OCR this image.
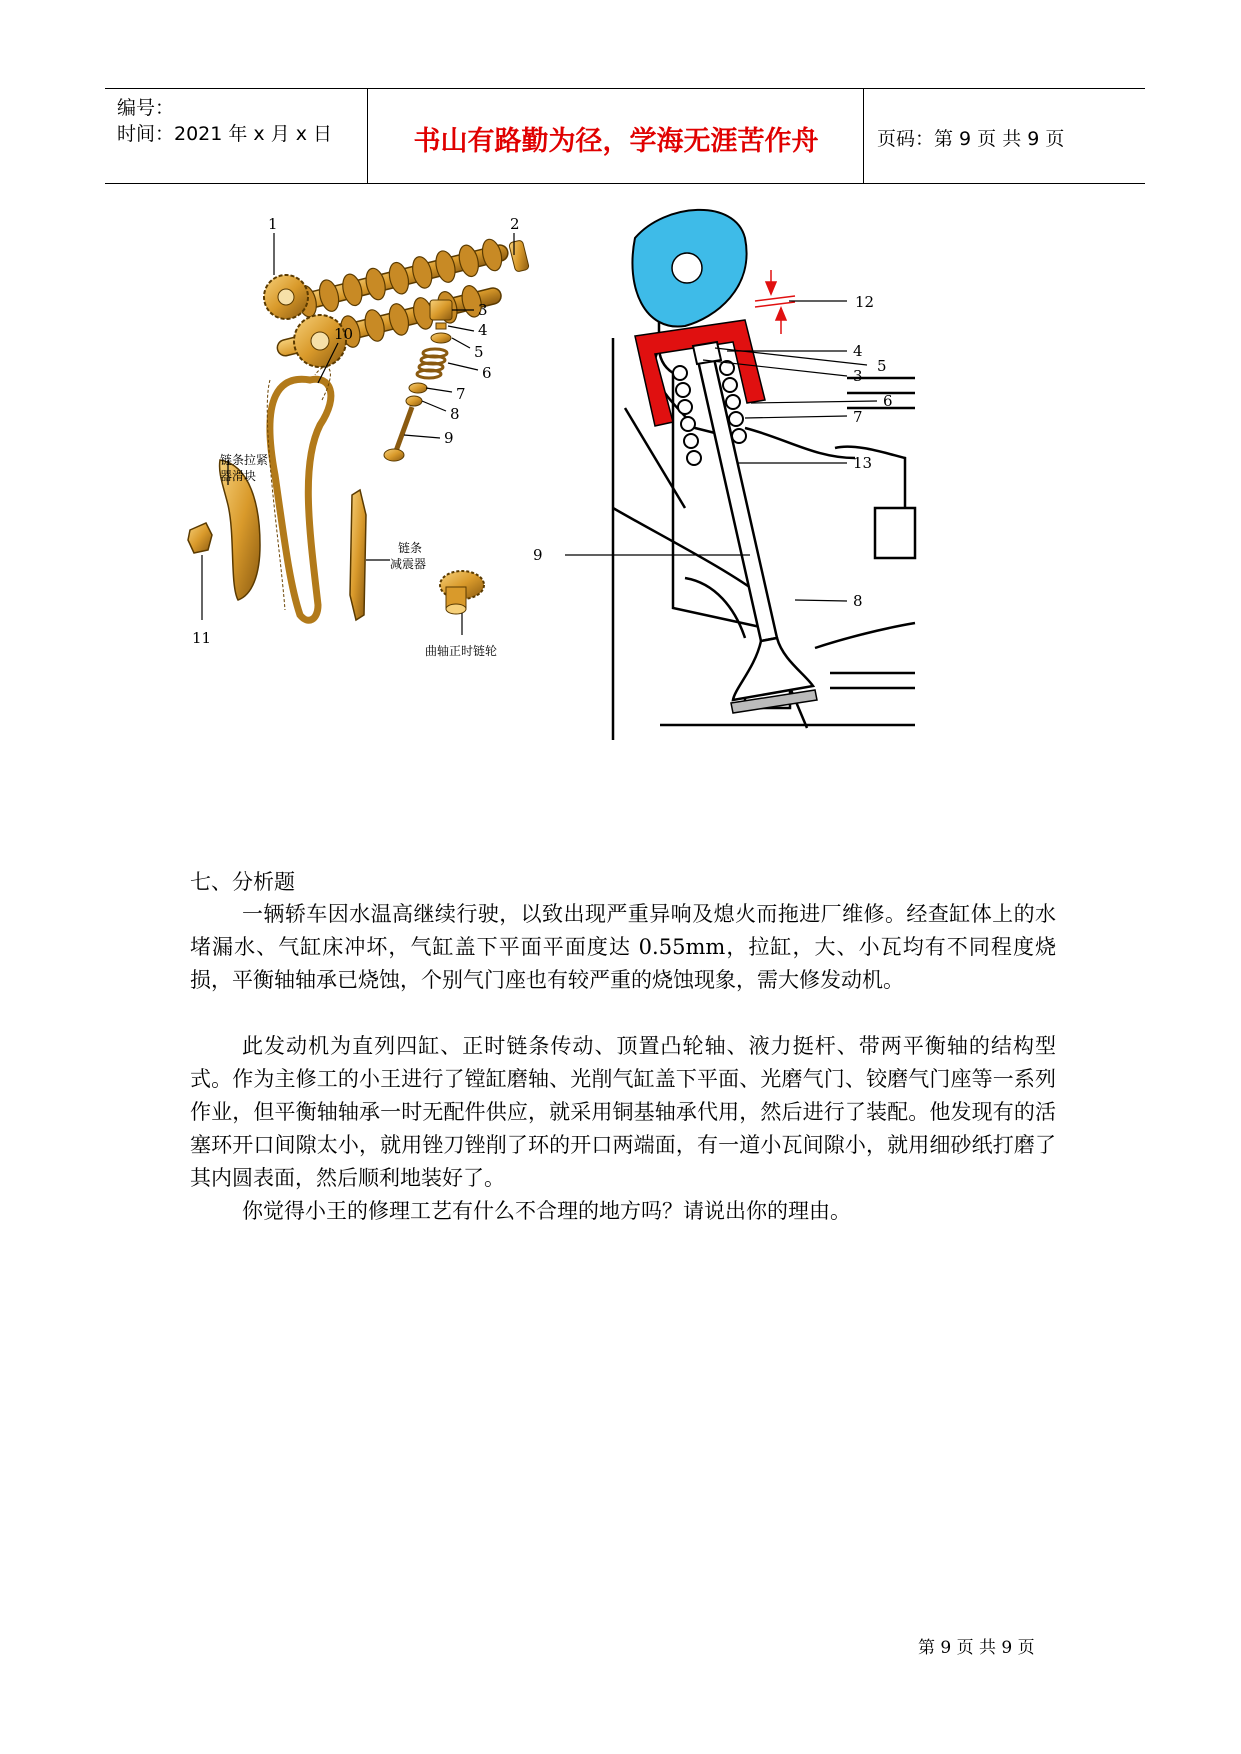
编号：
时间：2021 年 x 月 x 日	书山有路勤为径，学海无涯苦作舟	页码：第 9 页 共 9 页
1	2
3
4
5
6
7
8
9
10
11
链条拉紧
器滑块
链条
减震器
曲轴正时链轮
12
4
5
3
6
7
13
9
8
七、分析题
一辆轿车因水温高继续行驶，以致出现严重异响及熄火而拖进厂维修。经查缸体上的水堵漏水、气缸床冲坏，气缸盖下平面平面度达 0.55mm，拉缸，大、小瓦均有不同程度烧损，平衡轴轴承已烧蚀，个别气门座也有较严重的烧蚀现象，需大修发动机。
此发动机为直列四缸、正时链条传动、顶置凸轮轴、液力挺杆、带两平衡轴的结构型式。作为主修工的小王进行了镗缸磨轴、光削气缸盖下平面、光磨气门、铰磨气门座等一系列作业，但平衡轴轴承一时无配件供应，就采用铜基轴承代用，然后进行了装配。他发现有的活塞环开口间隙太小，就用锉刀锉削了环的开口两端面，有一道小瓦间隙小，就用细砂纸打磨了其内圆表面，然后顺利地装好了。
你觉得小王的修理工艺有什么不合理的地方吗？请说出你的理由。
第 9 页 共 9 页
